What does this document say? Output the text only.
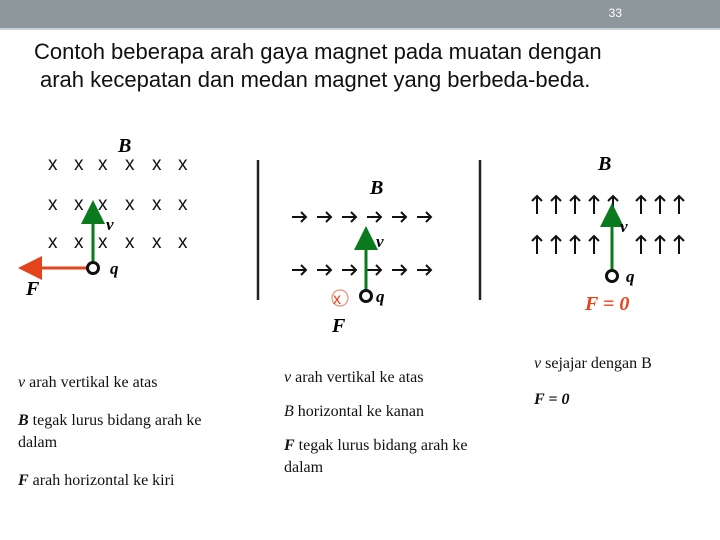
33
Contoh beberapa arah gaya magnet pada muatan dengan
arah kecepatan dan medan magnet yang berbeda-beda.
x x x x x x
x x x x x x
x x x x x x
B
v
q
F
B
v
x q
F
B
v
q
F = 0
v arah vertikal ke atas
B tegak lurus bidang arah ke dalam
F arah horizontal ke kiri
v arah vertikal ke atas
B horizontal ke kanan
F tegak lurus bidang arah ke dalam
v sejajar dengan B
F = 0
